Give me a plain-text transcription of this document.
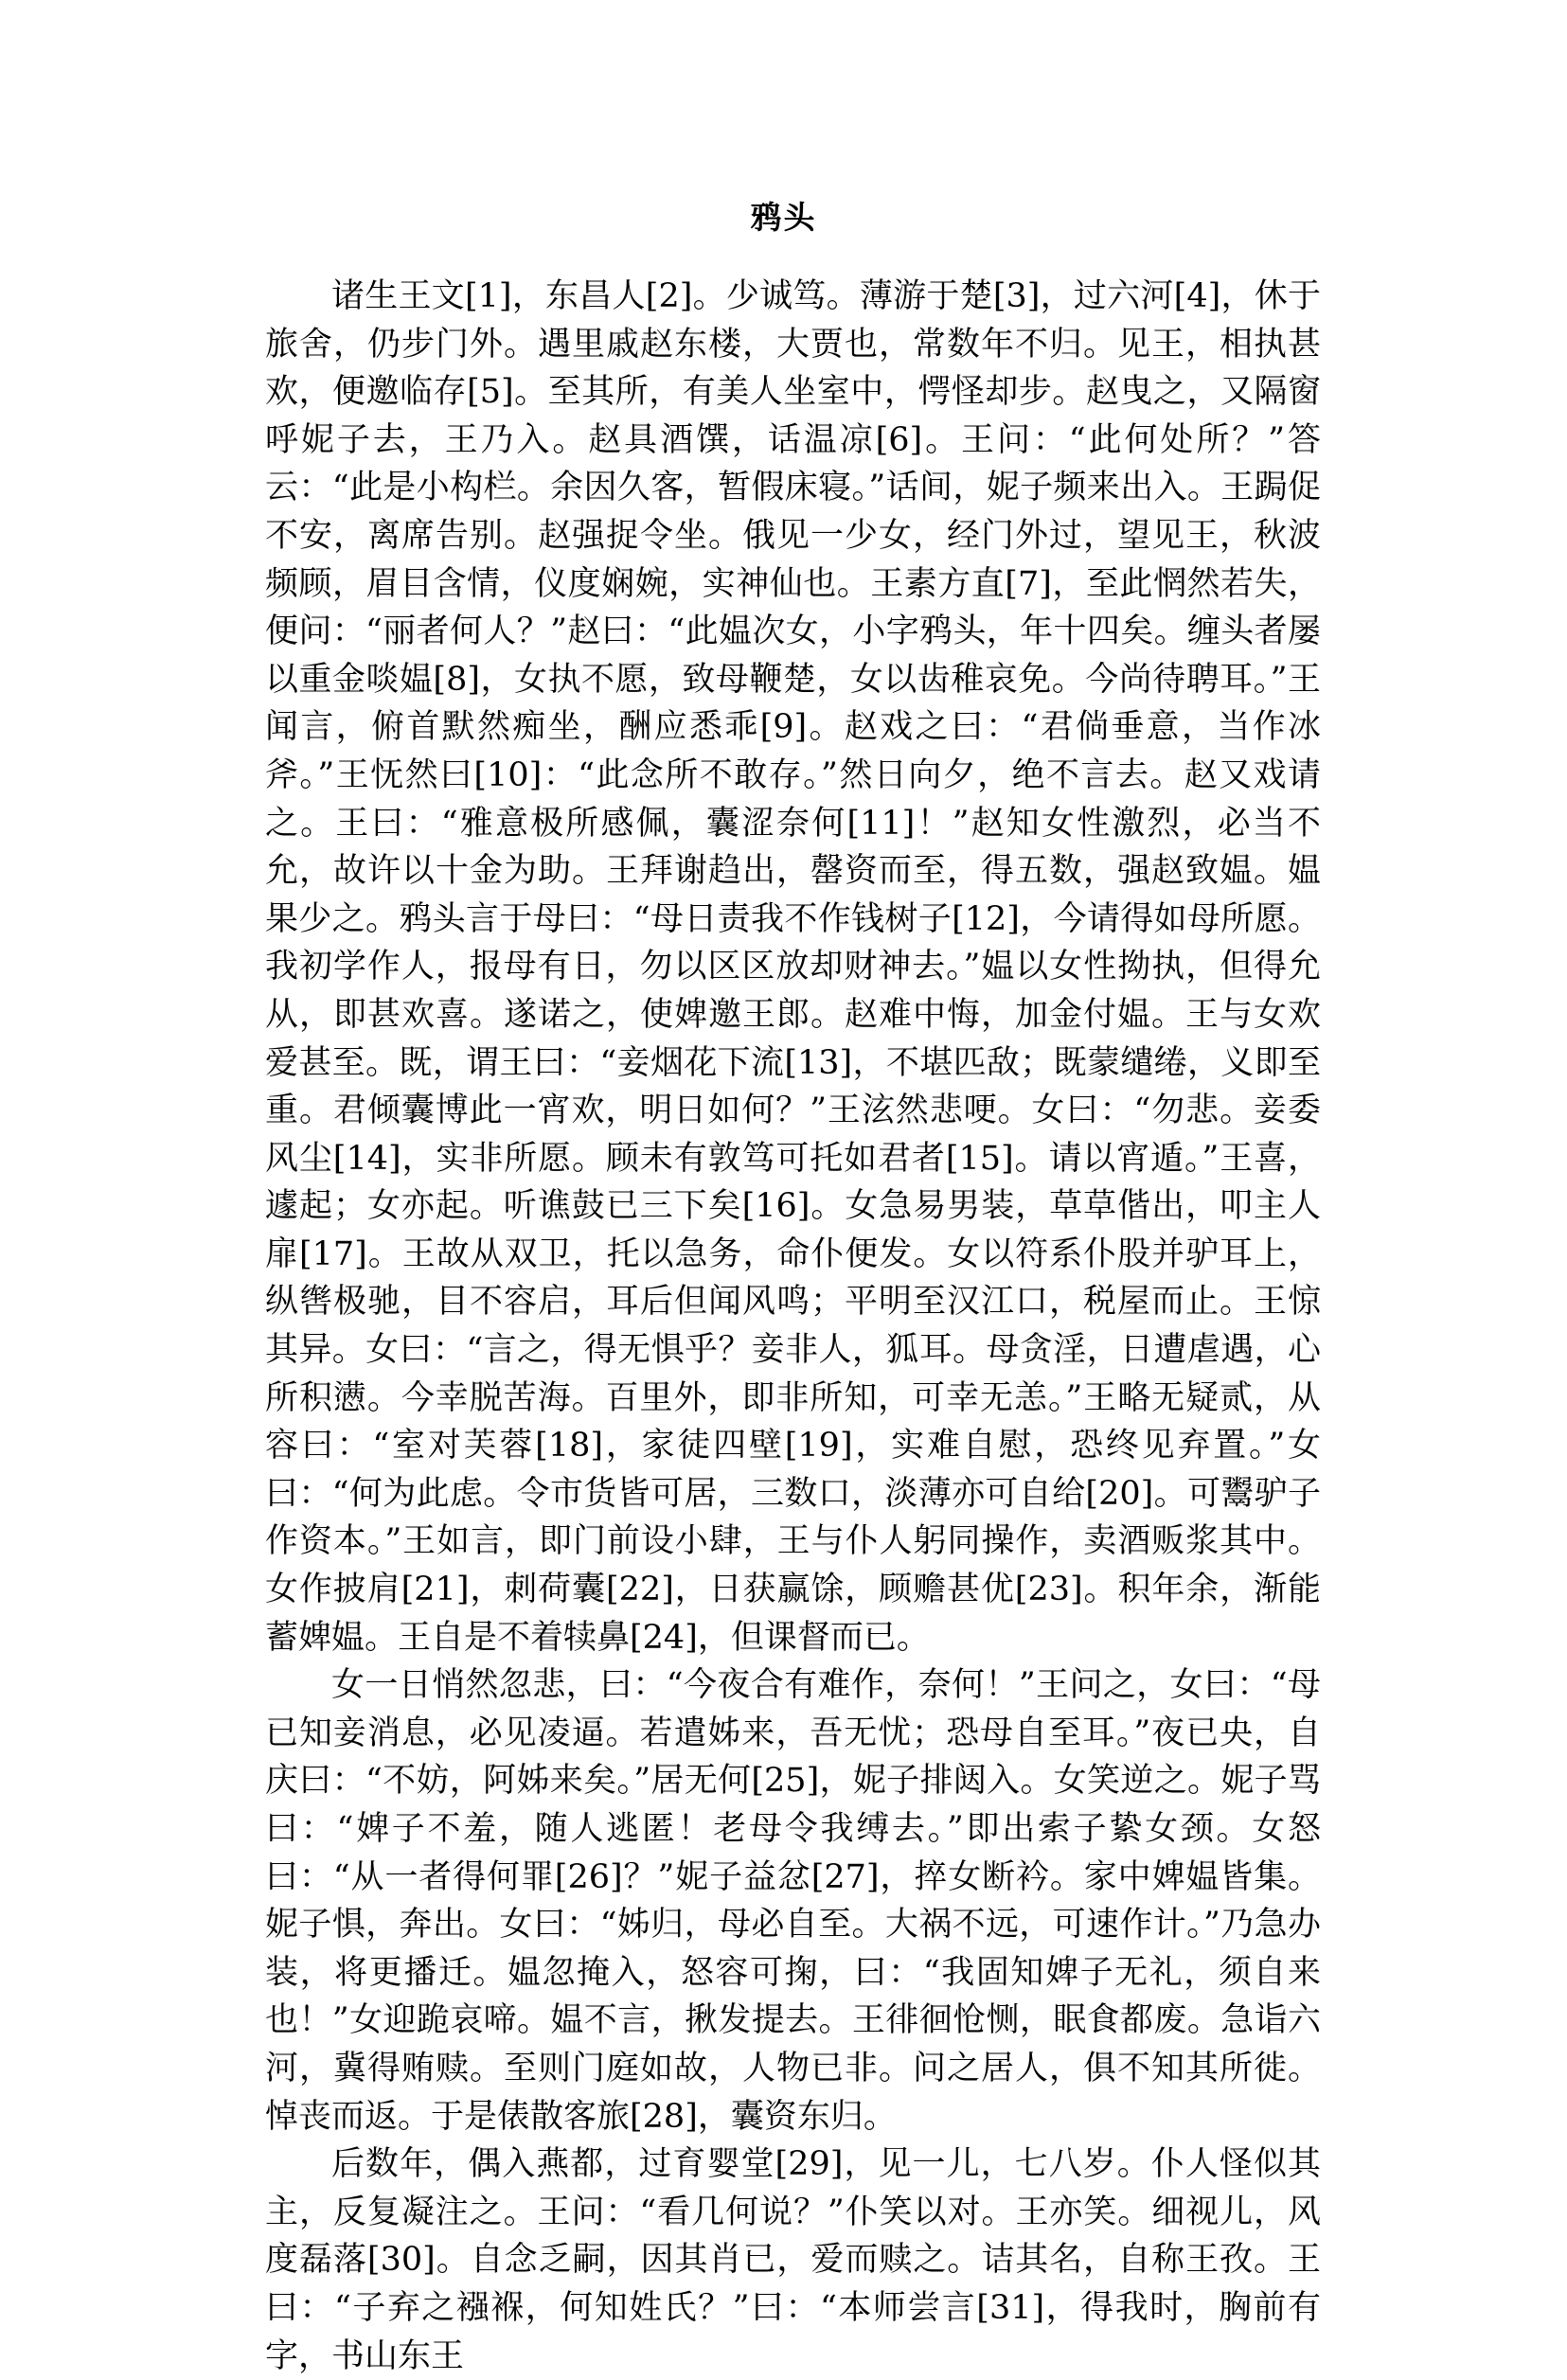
鸦头

诸生王文[1]，东昌人[2]。少诚笃。薄游于楚[3]，过六河[4]，休于旅舍，仍步门外。遇里戚赵东楼，大贾也，常数年不归。见王，相执甚欢，便邀临存[5]。至其所，有美人坐室中，愕怪却步。赵曳之，又隔窗呼妮子去，王乃入。赵具酒馔，话温凉[6]。王问：“此何处所？”答云：“此是小构栏。余因久客，暂假床寝。”话间，妮子频来出入。王跼促不安，离席告别。赵强捉令坐。俄见一少女，经门外过，望见王，秋波频顾，眉目含情，仪度娴婉，实神仙也。王素方直[7]，至此惘然若失，便问：“丽者何人？”赵曰：“此媪次女，小字鸦头，年十四矣。缠头者屡以重金啖媪[8]，女执不愿，致母鞭楚，女以齿稚哀免。今尚待聘耳。”王闻言，俯首默然痴坐，酬应悉乖[9]。赵戏之曰：“君倘垂意，当作冰斧。”王怃然曰[10]：“此念所不敢存。”然日向夕，绝不言去。赵又戏请之。王曰：“雅意极所感佩，囊涩奈何[11]！”赵知女性激烈，必当不允，故许以十金为助。王拜谢趋出，罄资而至，得五数，强赵致媪。媪果少之。鸦头言于母曰：“母日责我不作钱树子[12]，今请得如母所愿。我初学作人，报母有日，勿以区区放却财神去。”媪以女性拗执，但得允从，即甚欢喜。遂诺之，使婢邀王郎。赵难中悔，加金付媪。王与女欢爱甚至。既，谓王曰：“妾烟花下流[13]，不堪匹敌；既蒙缱绻，义即至重。君倾囊博此一宵欢，明日如何？”王泫然悲哽。女曰：“勿悲。妾委风尘[14]，实非所愿。顾未有敦笃可托如君者[15]。请以宵遁。”王喜，遽起；女亦起。听谯鼓已三下矣[16]。女急易男装，草草偕出，叩主人扉[17]。王故从双卫，托以急务，命仆便发。女以符系仆股并驴耳上，纵辔极驰，目不容启，耳后但闻风鸣；平明至汉江口，税屋而止。王惊其异。女曰：“言之，得无惧乎？妾非人，狐耳。母贪淫，日遭虐遇，心所积懑。今幸脱苦海。百里外，即非所知，可幸无恙。”王略无疑贰，从容曰：“室对芙蓉[18]，家徒四壁[19]，实难自慰，恐终见弃置。”女曰：“何为此虑。令市货皆可居，三数口，淡薄亦可自给[20]。可鬻驴子作资本。”王如言，即门前设小肆，王与仆人躬同操作，卖酒贩浆其中。女作披肩[21]，刺荷囊[22]，日获赢馀，顾赡甚优[23]。积年余，渐能蓄婢媪。王自是不着犊鼻[24]，但课督而已。

女一日悄然忽悲，曰：“今夜合有难作，奈何！”王问之，女曰：“母已知妾消息，必见凌逼。若遣姊来，吾无忧；恐母自至耳。”夜已央，自庆曰：“不妨，阿姊来矣。”居无何[25]，妮子排闼入。女笑逆之。妮子骂曰：“婢子不羞，随人逃匿！老母令我缚去。”即出索子絷女颈。女怒曰：“从一者得何罪[26]？”妮子益忿[27]，捽女断衿。家中婢媪皆集。妮子惧，奔出。女曰：“姊归，母必自至。大祸不远，可速作计。”乃急办装，将更播迁。媪忽掩入，怒容可掬，曰：“我固知婢子无礼，须自来也！”女迎跪哀啼。媪不言，揪发提去。王徘徊怆恻，眠食都废。急诣六河，冀得贿赎。至则门庭如故，人物已非。问之居人，俱不知其所徙。悼丧而返。于是俵散客旅[28]，囊资东归。

后数年，偶入燕都，过育婴堂[29]，见一儿，七八岁。仆人怪似其主，反复凝注之。王问：“看几何说？”仆笑以对。王亦笑。细视儿，风度磊落[30]。自念乏嗣，因其肖已，爱而赎之。诘其名，自称王孜。王曰：“子弃之襁褓，何知姓氏？”曰：“本师尝言[31]，得我时，胸前有字，书山东王
